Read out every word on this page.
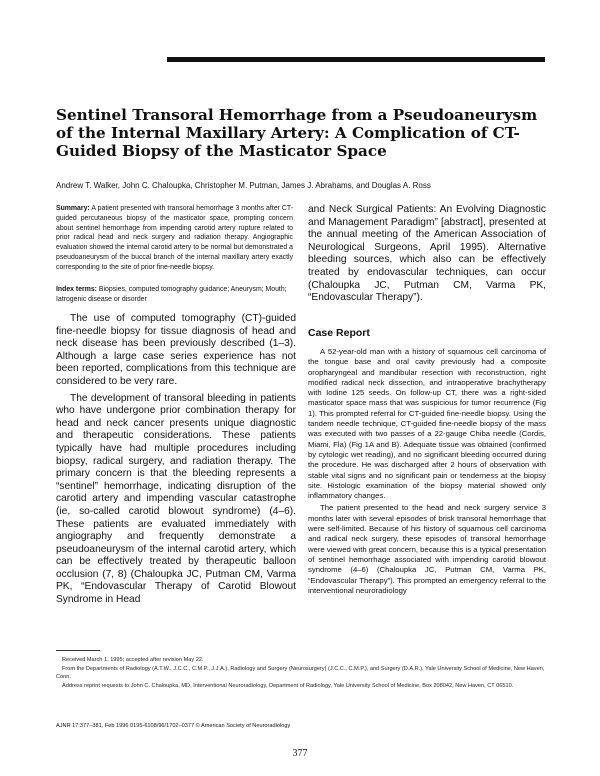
Sentinel Transoral Hemorrhage from a Pseudoaneurysm of the Internal Maxillary Artery: A Complication of CT-Guided Biopsy of the Masticator Space
Andrew T. Walker, John C. Chaloupka, Christopher M. Putman, James J. Abrahams, and Douglas A. Ross
Summary: A patient presented with transoral hemorrhage 3 months after CT-guided percutaneous biopsy of the masticator space, prompting concern about sentinel hemorrhage from impending carotid artery rupture related to prior radical head and neck surgery and radiation therapy. Angiographic evaluation showed the internal carotid artery to be normal but demonstrated a pseudoaneurysm of the buccal branch of the internal maxillary artery exactly corresponding to the site of prior fine-needle biopsy.
Index terms: Biopsies, computed tomography guidance; Aneurysm; Mouth; Iatrogenic disease or disorder

The use of computed tomography (CT)-guided fine-needle biopsy for tissue diagnosis of head and neck disease has been previously described (1–3). Although a large case series experience has not been reported, complications from this technique are considered to be very rare.

The development of transoral bleeding in patients who have undergone prior combination therapy for head and neck cancer presents unique diagnostic and therapeutic considerations. These patients typically have had multiple procedures including biopsy, radical surgery, and radiation therapy. The primary concern is that the bleeding represents a “sentinel” hemorrhage, indicating disruption of the carotid artery and impending vascular catastrophe (ie, so-called carotid blowout syndrome) (4–6). These patients are evaluated immediately with angiography and frequently demonstrate a pseudoaneurysm of the internal carotid artery, which can be effectively treated by therapeutic balloon occlusion (7, 8) (Chaloupka JC, Putman CM, Varma PK, “Endovascular Therapy of Carotid Blowout Syndrome in Head

and Neck Surgical Patients: An Evolving Diagnostic and Management Paradigm” [abstract], presented at the annual meeting of the American Association of Neurological Surgeons, April 1995). Alternative bleeding sources, which also can be effectively treated by endovascular techniques, can occur (Chaloupka JC, Putman CM, Varma PK, “Endovascular Therapy”).

Case Report

A 52-year-old man with a history of squamous cell carcinoma of the tongue base and oral cavity previously had a composite oropharyngeal and mandibular resection with reconstruction, right modified radical neck dissection, and intraoperative brachytherapy with Iodine 125 seeds. On follow-up CT, there was a right-sided masticator space mass that was suspicious for tumor recurrence (Fig 1). This prompted referral for CT-guided fine-needle biopsy. Using the tandem needle technique, CT-guided fine-needle biopsy of the mass was executed with two passes of a 22-gauge Chiba needle (Cordis, Miami, Fla) (Fig 1A and B). Adequate tissue was obtained (confirmed by cytologic wet reading), and no significant bleeding occurred during the procedure. He was discharged after 2 hours of observation with stable vital signs and no significant pain or tenderness at the biopsy site. Histologic examination of the biopsy material showed only inflammatory changes.

The patient presented to the head and neck surgery service 3 months later with several episodes of brisk transoral hemorrhage that were self-limited. Because of his history of squamous cell carcinoma and radical neck surgery, these episodes of transoral hemorrhage were viewed with great concern, because this is a typical presentation of sentinel hemorrhage associated with impending carotid blowout syndrome (4–6) (Chaloupka JC, Putman CM, Varma PK, “Endovascular Therapy”). This prompted an emergency referral to the interventional neuroradiology

Received March 1, 1995; accepted after revision May 22.
From the Departments of Radiology (A.T.W., J.C.C., C.M.P., J.J.A.), Radiology and Surgery (Neurosurgery) (J.C.C., C.M.P.), and Surgery (D.A.R.), Yale University School of Medicine, New Haven, Conn.
Address reprint requests to John C. Chaloupka, MD, Interventional Neuroradiology, Department of Radiology, Yale University School of Medicine, Box 208042, New Haven, CT 06510.
AJNR 17:377–381, Feb 1996 0195-6108/96/1702–0377 © American Society of Neuroradiology
377
